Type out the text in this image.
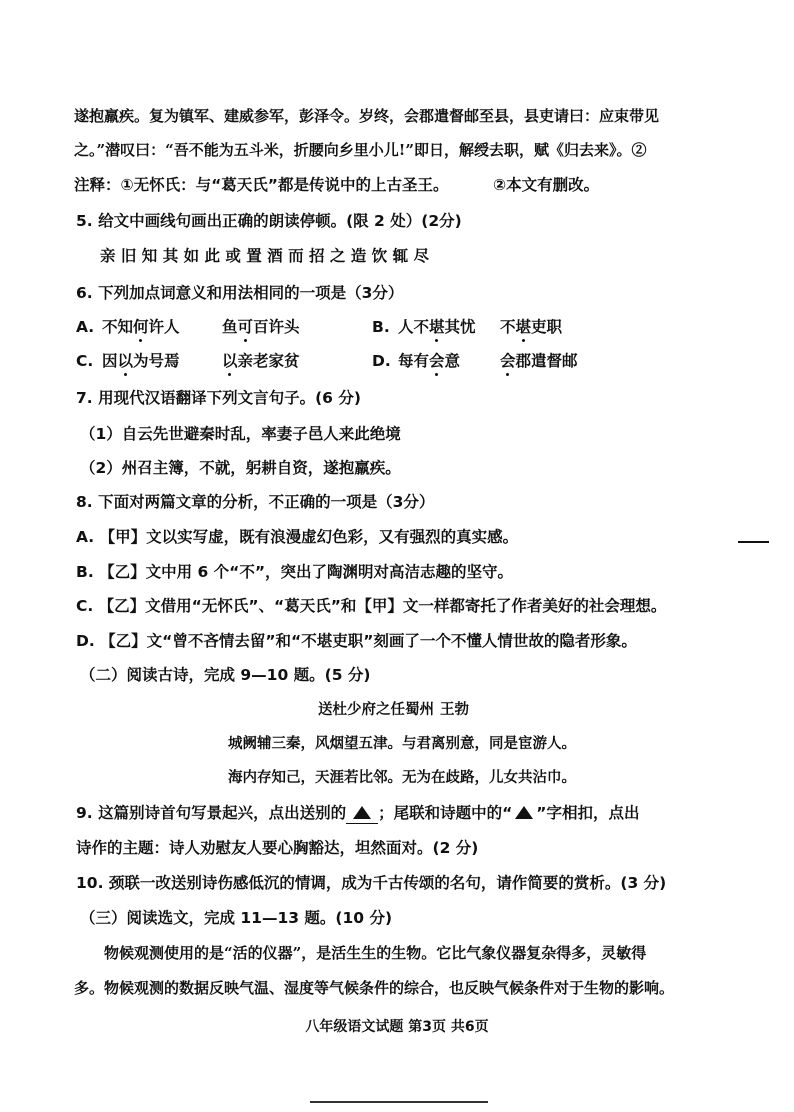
遂抱羸疾。复为镇军、建威参军，彭泽令。岁终，会郡遣督邮至县，县吏请曰：应束带见
之。”潜叹曰：“吾不能为五斗米，折腰向乡里小儿!”即日，解绶去职，赋《归去来》。②
注释：①无怀氏：与“葛天氏”都是传说中的上古圣王。	②本文有删改。
5. 给文中画线句画出正确的朗读停顿。(限 2 处）(2分)
亲 旧 知 其 如 此 或 置 酒 而 招 之 造 饮 辄 尽
6. 下列加点词意义和用法相同的一项是（3分）
A. 不知何许人	鱼可百许头	B. 人不堪其忧 不堪吏职
C. 因以为号焉	以亲老家贫	D. 每有会意	会郡遣督邮
7. 用现代汉语翻译下列文言句子。(6 分)
（1）自云先世避秦时乱，率妻子邑人来此绝境
（2）州召主簿，不就，躬耕自资，遂抱羸疾。
8. 下面对两篇文章的分析，不正确的一项是（3分）
A. 【甲】文以实写虚，既有浪漫虚幻色彩，又有强烈的真实感。
B. 【乙】文中用 6 个“不”，突出了陶渊明对高洁志趣的坚守。
C. 【乙】文借用“无怀氏”、“葛天氏”和【甲】文一样都寄托了作者美好的社会理想。
D. 【乙】文“曾不吝情去留”和“不堪吏职”刻画了一个不懂人情世故的隐者形象。
（二）阅读古诗，完成 9—10 题。(5 分)
送杜少府之任蜀州 王勃
城阙辅三秦，风烟望五津。与君离别意，同是宦游人。
海内存知己，天涯若比邻。无为在歧路，儿女共沾巾。
9. 这篇别诗首句写景起兴，点出送别的 ；尾联和诗题中的“ ”字相扣，点出
诗作的主题：诗人劝慰友人要心胸豁达，坦然面对。(2 分)
10. 颈联一改送别诗伤感低沉的情调，成为千古传颂的名句，请作简要的赏析。(3 分)
（三）阅读选文，完成 11—13 题。(10 分)
物候观测使用的是“活的仪器”，是活生生的生物。它比气象仪器复杂得多，灵敏得
多。物候观测的数据反映气温、湿度等气候条件的综合，也反映气候条件对于生物的影响。
八年级语文试题 第3页 共6页
